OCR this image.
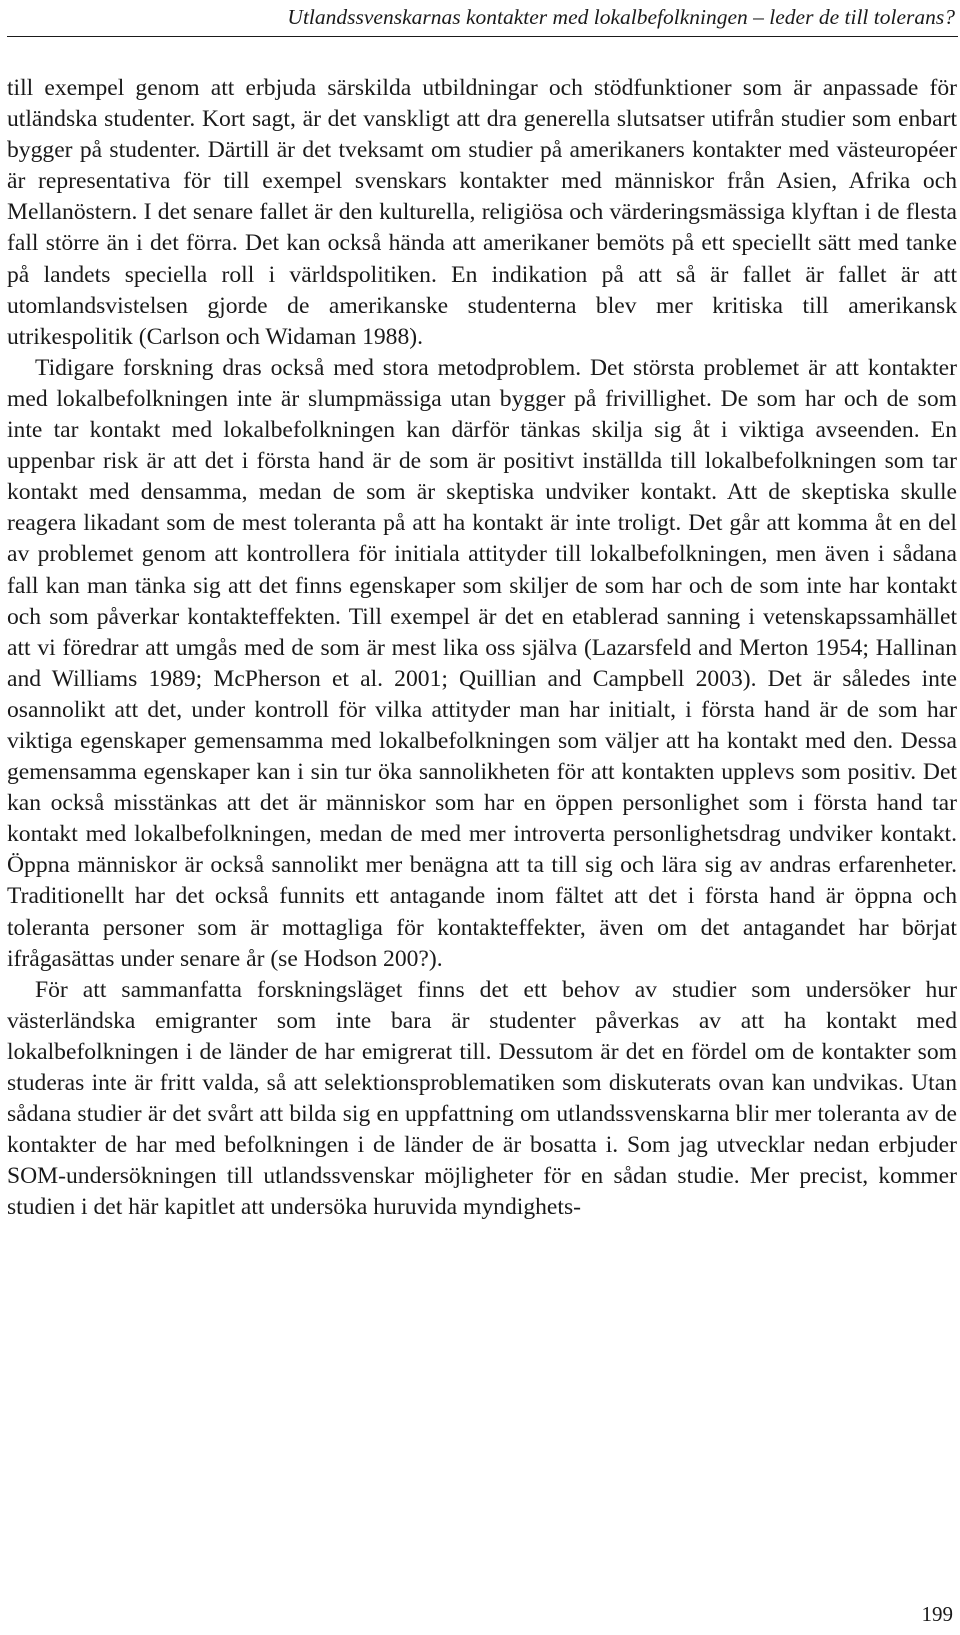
Utlandssvenskarnas kontakter med lokalbefolkningen – leder de till tolerans?

till exempel genom att erbjuda särskilda utbildningar och stödfunktioner som är anpassade för utländska studenter. Kort sagt, är det vanskligt att dra generella slutsatser utifrån studier som enbart bygger på studenter. Därtill är det tveksamt om studier på amerikaners kontakter med västeuropéer är representativa för till exempel svenskars kontakter med människor från Asien, Afrika och Mellanöstern. I det senare fallet är den kulturella, religiösa och värderingsmässiga klyftan i de flesta fall större än i det förra. Det kan också hända att amerikaner bemöts på ett speciellt sätt med tanke på landets speciella roll i världspolitiken. En indikation på att så är fallet är fallet är att utomlandsvistelsen gjorde de amerikanske studenterna blev mer kritiska till amerikansk utrikespolitik (Carlson och Widaman 1988).

Tidigare forskning dras också med stora metodproblem. Det största problemet är att kontakter med lokalbefolkningen inte är slumpmässiga utan bygger på frivillighet. De som har och de som inte tar kontakt med lokalbefolkningen kan därför tänkas skilja sig åt i viktiga avseenden. En uppenbar risk är att det i första hand är de som är positivt inställda till lokalbefolkningen som tar kontakt med densamma, medan de som är skeptiska undviker kontakt. Att de skeptiska skulle reagera likadant som de mest toleranta på att ha kontakt är inte troligt. Det går att komma åt en del av problemet genom att kontrollera för initiala attityder till lokalbefolkningen, men även i sådana fall kan man tänka sig att det finns egenskaper som skiljer de som har och de som inte har kontakt och som påverkar kontakteffekten. Till exempel är det en etablerad sanning i vetenskapssamhället att vi föredrar att umgås med de som är mest lika oss själva (Lazarsfeld and Merton 1954; Hallinan and Williams 1989; McPherson et al. 2001; Quillian and Campbell 2003). Det är således inte osannolikt att det, under kontroll för vilka attityder man har initialt, i första hand är de som har viktiga egenskaper gemensamma med lokalbefolkningen som väljer att ha kontakt med den. Dessa gemensamma egenskaper kan i sin tur öka sannolikheten för att kontakten upplevs som positiv. Det kan också misstänkas att det är människor som har en öppen personlighet som i första hand tar kontakt med lokalbefolkningen, medan de med mer introverta personlighetsdrag undviker kontakt. Öppna människor är också sannolikt mer benägna att ta till sig och lära sig av andras erfarenheter. Traditionellt har det också funnits ett antagande inom fältet att det i första hand är öppna och toleranta personer som är mottagliga för kontakteffekter, även om det antagandet har börjat ifrågasättas under senare år (se Hodson 200?).

För att sammanfatta forskningsläget finns det ett behov av studier som undersöker hur västerländska emigranter som inte bara är studenter påverkas av att ha kontakt med lokalbefolkningen i de länder de har emigrerat till. Dessutom är det en fördel om de kontakter som studeras inte är fritt valda, så att selektionsproblematiken som diskuterats ovan kan undvikas. Utan sådana studier är det svårt att bilda sig en uppfattning om utlandssvenskarna blir mer toleranta av de kontakter de har med befolkningen i de länder de är bosatta i. Som jag utvecklar nedan erbjuder SOM-undersökningen till utlandssvenskar möjligheter för en sådan studie. Mer precist, kommer studien i det här kapitlet att undersöka huruvida myndighets-

199
